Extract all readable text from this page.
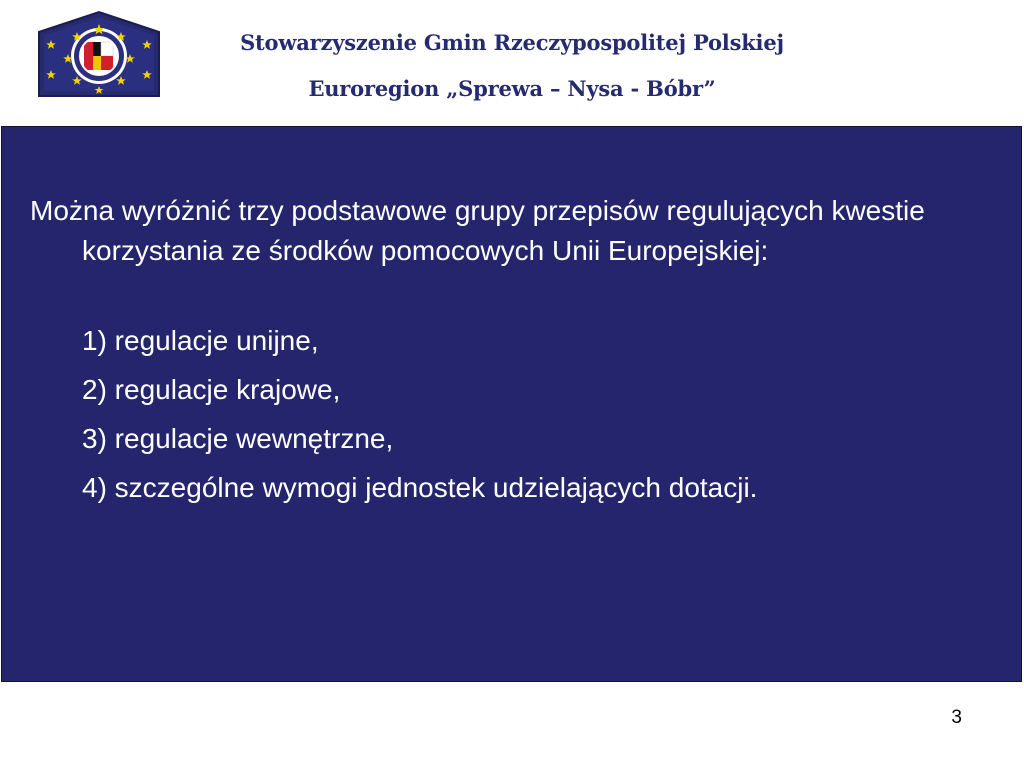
Stowarzyszenie Gmin Rzeczypospolitej Polskiej
Euroregion „Sprewa – Nysa - Bóbr”

Można wyróżnić trzy podstawowe grupy przepisów regulujących kwestie korzystania ze środków pomocowych Unii Europejskiej:

1) regulacje unijne,
2) regulacje krajowe,
3) regulacje wewnętrzne,
4) szczególne wymogi jednostek udzielających dotacji.
3
